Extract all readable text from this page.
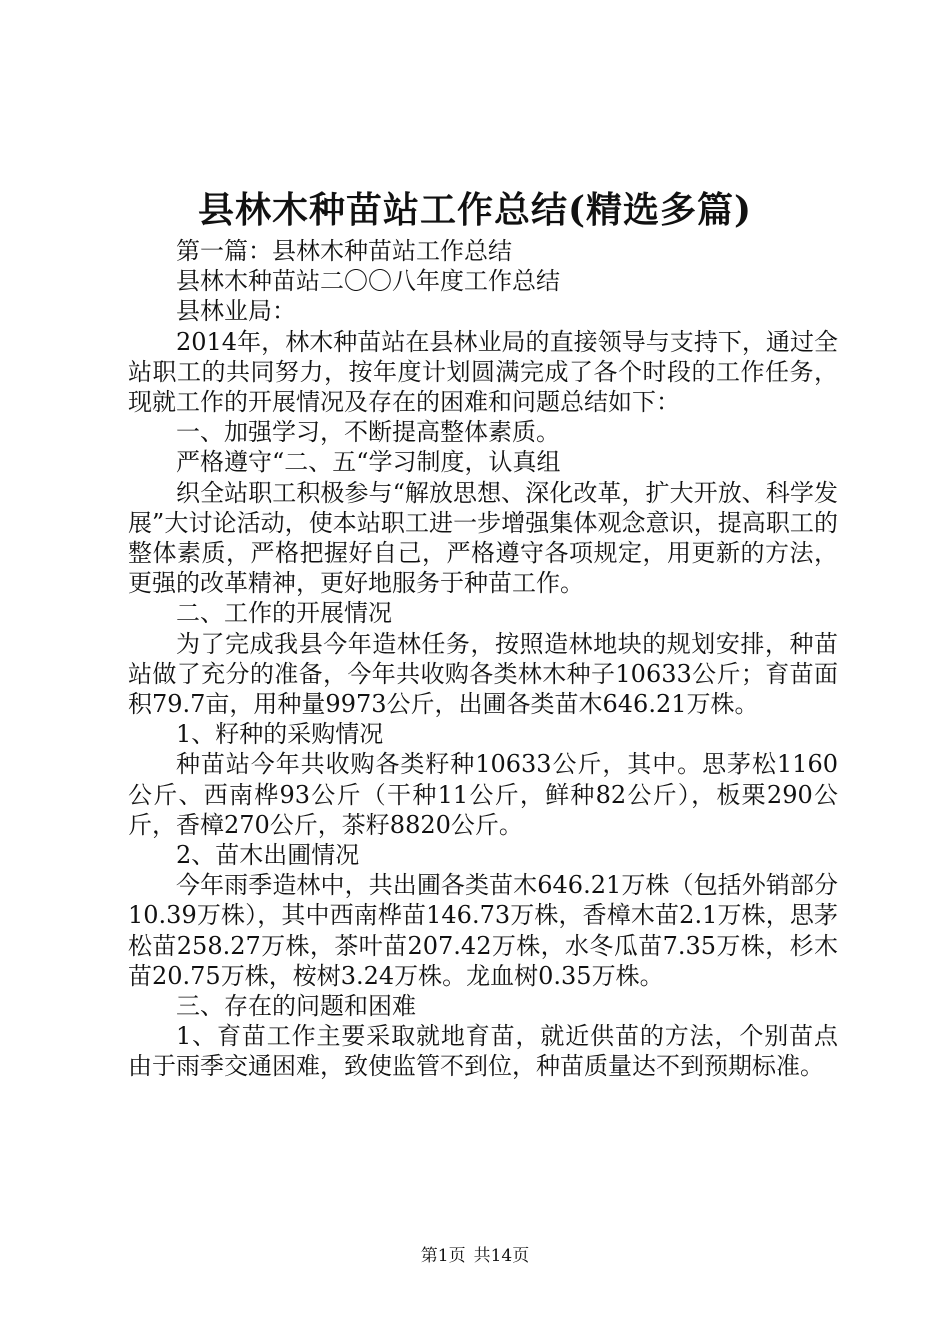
县林木种苗站工作总结(精选多篇)

第一篇：县林木种苗站工作总结

县林木种苗站二〇〇八年度工作总结

县林业局：

2014年，林木种苗站在县林业局的直接领导与支持下，通过全站职工的共同努力，按年度计划圆满完成了各个时段的工作任务，现就工作的开展情况及存在的困难和问题总结如下：

一、加强学习，不断提高整体素质。

严格遵守“二、五“学习制度，认真组

织全站职工积极参与“解放思想、深化改革，扩大开放、科学发展”大讨论活动，使本站职工进一步增强集体观念意识，提高职工的整体素质，严格把握好自己，严格遵守各项规定，用更新的方法，更强的改革精神，更好地服务于种苗工作。

二、工作的开展情况

为了完成我县今年造林任务，按照造林地块的规划安排，种苗站做了充分的准备，今年共收购各类林木种子10633公斤；育苗面积79.7亩，用种量9973公斤，出圃各类苗木646.21万株。

1、籽种的采购情况

种苗站今年共收购各类籽种10633公斤，其中。思茅松1160公斤、西南桦93公斤（干种11公斤，鲜种82公斤），板栗290公斤，香樟270公斤，茶籽8820公斤。

2、苗木出圃情况

今年雨季造林中，共出圃各类苗木646.21万株（包括外销部分10.39万株），其中西南桦苗146.73万株，香樟木苗2.1万株，思茅松苗258.27万株，茶叶苗207.42万株，水冬瓜苗7.35万株，杉木苗20.75万株，桉树3.24万株。龙血树0.35万株。

三、存在的问题和困难

1、育苗工作主要采取就地育苗，就近供苗的方法，个别苗点由于雨季交通困难，致使监管不到位，种苗质量达不到预期标准。

第1页 共14页
